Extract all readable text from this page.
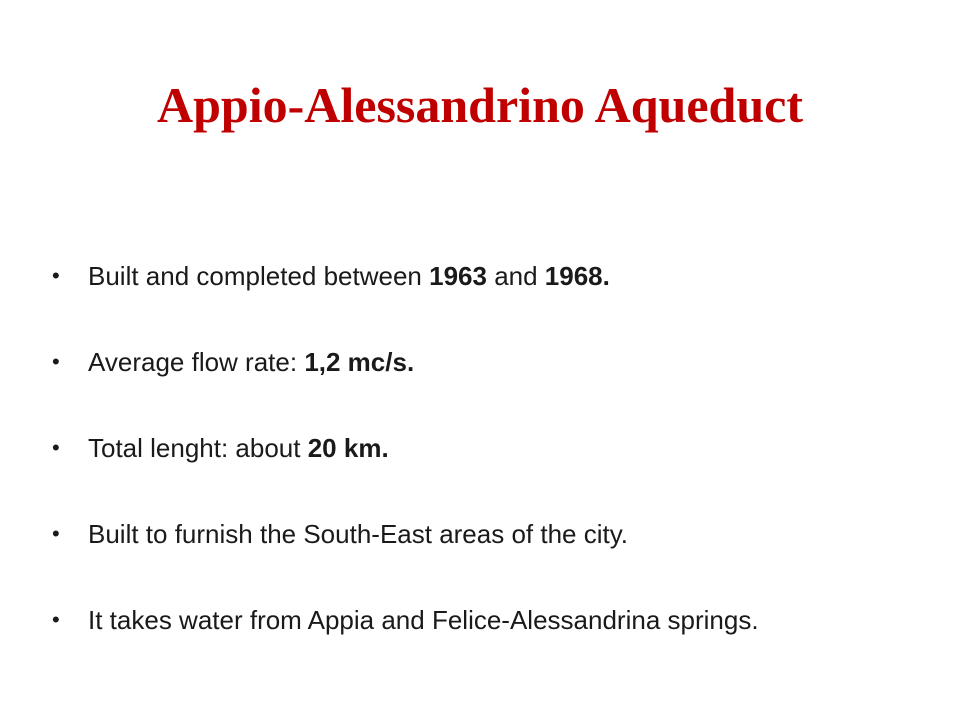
Appio-Alessandrino Aqueduct
• Built and completed between 1963 and 1968.
• Average flow rate: 1,2 mc/s.
• Total lenght: about 20 km.
• Built to furnish the South-East areas of the city.
• It takes water from Appia and Felice-Alessandrina springs.
